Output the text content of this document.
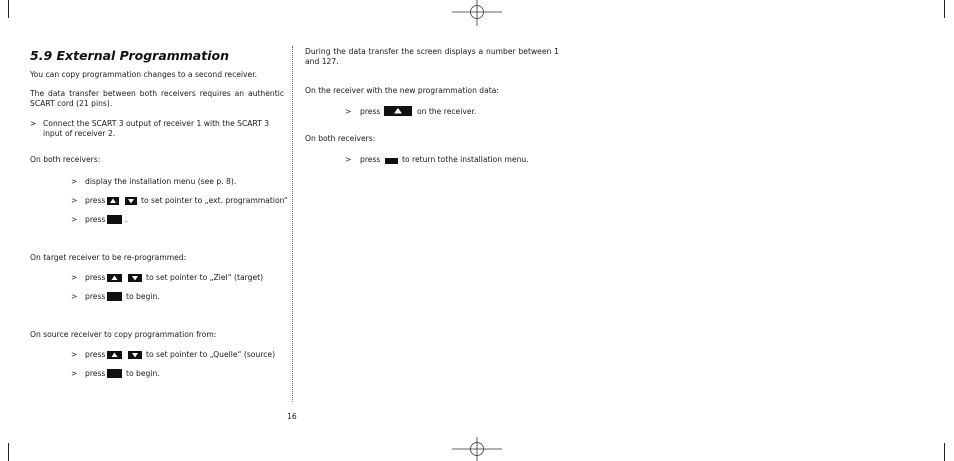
5.9 External Programmation
You can copy programmation changes to a second receiver.
The data transfer between both receivers requires an authentic SCART cord (21 pins).
> Connect the SCART 3 output of receiver 1 with the SCART 3 input of receiver 2.
On both receivers:
> display the installation menu (see p. 8).
> press	to set pointer to „ext. programmation“
> press	.
On target receiver to be re-programmed:
> press	to set pointer to „Ziel“ (target)
> press	to begin.
On source receiver to copy programmation from:
> press	to set pointer to „Quelle“ (source)
> press	to begin.
16
During the data transfer the screen displays a number between 1 and 127.
On the receiver with the new programmation data:
> press	on the receiver.
On both receivers:
> press	to return tothe installation menu.
